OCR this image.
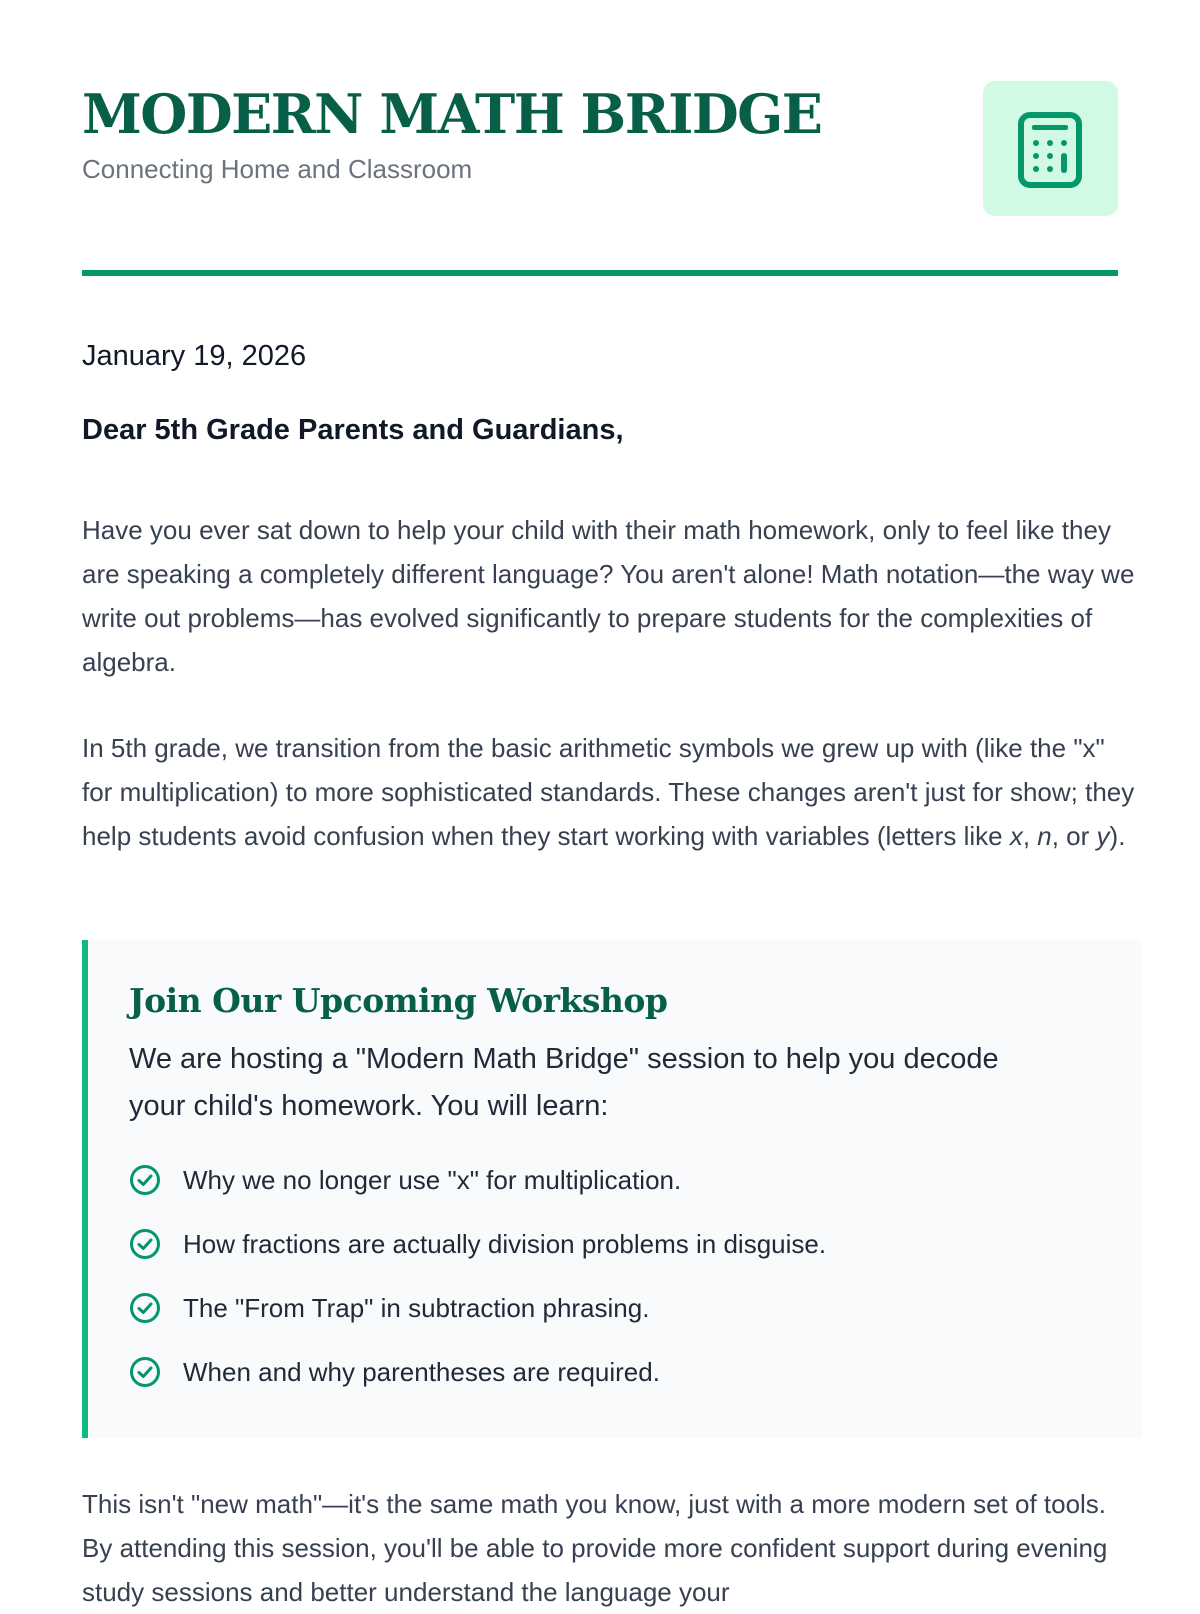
MODERN MATH BRIDGE

Connecting Home and Classroom

January 19, 2026

Dear 5th Grade Parents and Guardians,

Have you ever sat down to help your child with their math homework, only to feel like they are speaking a completely different language? You aren't alone! Math notation—the way we write out problems—has evolved significantly to prepare students for the complexities of algebra.

In 5th grade, we transition from the basic arithmetic symbols we grew up with (like the "x" for multiplication) to more sophisticated standards. These changes aren't just for show; they help students avoid confusion when they start working with variables (letters like x, n, or y).

Join Our Upcoming Workshop

We are hosting a "Modern Math Bridge" session to help you decode your child's homework. You will learn:

Why we no longer use "x" for multiplication.
How fractions are actually division problems in disguise.
The "From Trap" in subtraction phrasing.
When and why parentheses are required.

This isn't "new math"—it's the same math you know, just with a more modern set of tools. By attending this session, you'll be able to provide more confident support during evening study sessions and better understand the language your
